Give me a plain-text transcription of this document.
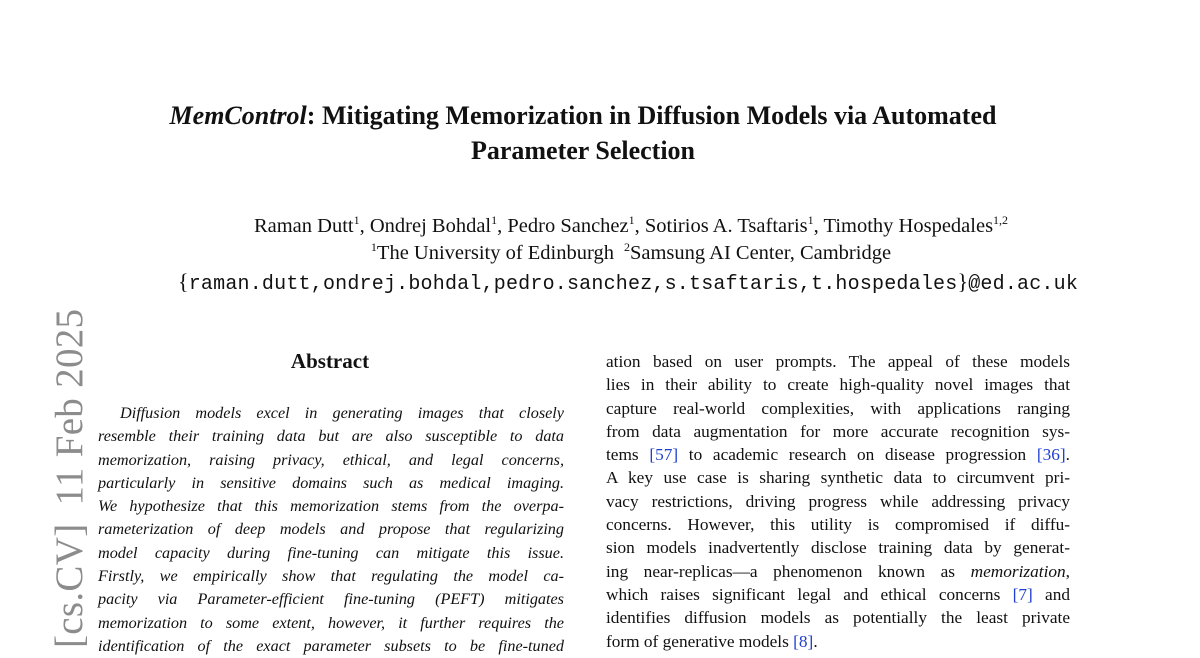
[cs.CV]11 Feb 2025
MemControl: Mitigating Memorization in Diffusion Models via Automated
Parameter Selection
Raman Dutt$^1$, Ondrej Bohdal$^1$, Pedro Sanchez$^1$, Sotirios A. Tsaftaris$^1$, Timothy Hospedales$^{1,2}$
$^1$The University of Edinburgh $^2$Samsung AI Center, Cambridge
{raman.dutt,ondrej.bohdal,pedro.sanchez,s.tsaftaris,t.hospedales}@ed.ac.uk
Abstract
Diffusion models excel in generating images that closely
resemble their training data but are also susceptible to data
memorization, raising privacy, ethical, and legal concerns,
particularly in sensitive domains such as medical imaging.
We hypothesize that this memorization stems from the overpa-
rameterization of deep models and propose that regularizing
model capacity during fine-tuning can mitigate this issue.
Firstly, we empirically show that regulating the model ca-
pacity via Parameter-efficient fine-tuning (PEFT) mitigates
memorization to some extent, however, it further requires the
identification of the exact parameter subsets to be fine-tuned
ation based on user prompts. The appeal of these models
lies in their ability to create high-quality novel images that
capture real-world complexities, with applications ranging
from data augmentation for more accurate recognition sys-
tems [57] to academic research on disease progression [36].
A key use case is sharing synthetic data to circumvent pri-
vacy restrictions, driving progress while addressing privacy
concerns. However, this utility is compromised if diffu-
sion models inadvertently disclose training data by generat-
ing near-replicas—a phenomenon known as memorization,
which raises significant legal and ethical concerns [7] and
identifies diffusion models as potentially the least private
form of generative models [8].
